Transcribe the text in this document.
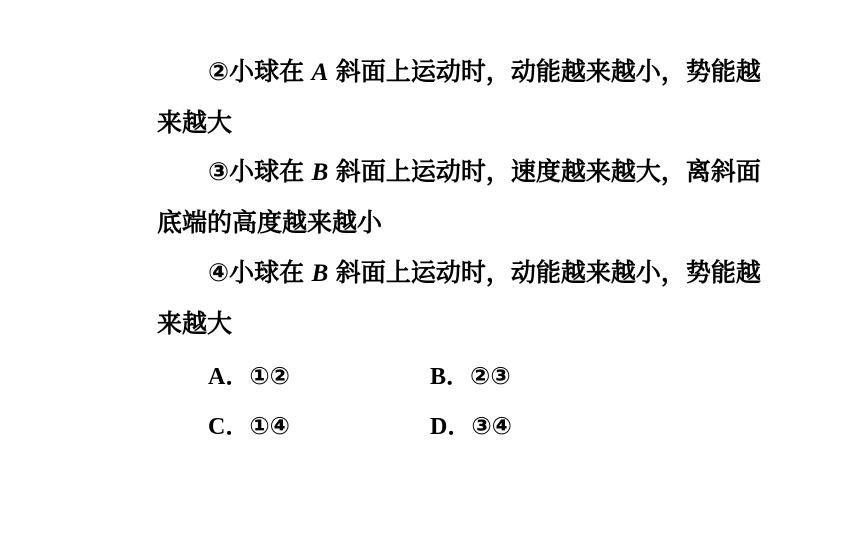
②小球在 A 斜面上运动时，动能越来越小，势能越
来越大
③小球在 B 斜面上运动时，速度越来越大，离斜面
底端的高度越来越小
④小球在 B 斜面上运动时，动能越来越小，势能越
来越大
A．①②	B．②③
C．①④	D．③④
